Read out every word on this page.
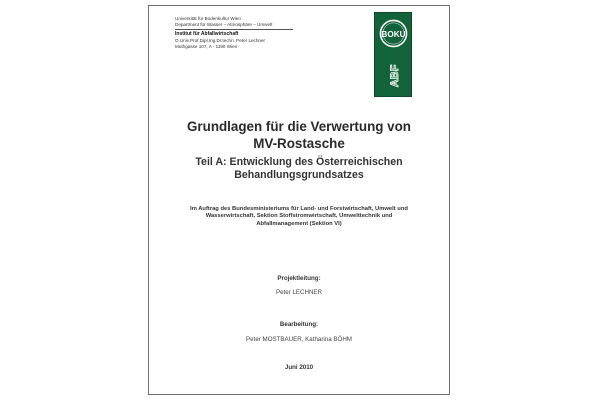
Universität für Bodenkultur Wien
Department für Wasser – Atmosphäre – Umwelt
Institut für Abfallwirtschaft
O.Univ.Prof.Dipl.Ing.Dr.techn. Peter Lechner
Muthgasse 107, A - 1190 Wien
BOKU
ABF
Grundlagen für die Verwertung von
MV-Rostasche
Teil A: Entwicklung des Österreichischen
Behandlungsgrundsatzes
Im Auftrag des Bundesministeriums für Land- und Forstwirtschaft, Umwelt und
Wasserwirtschaft, Sektion Stoffstromwirtschaft, Umwelttechnik und
Abfallmanagement (Sektion VI)
Projektleitung:
Peter LECHNER
Bearbeitung:
Peter MOSTBAUER, Katharina BÖHM
Juni 2010
